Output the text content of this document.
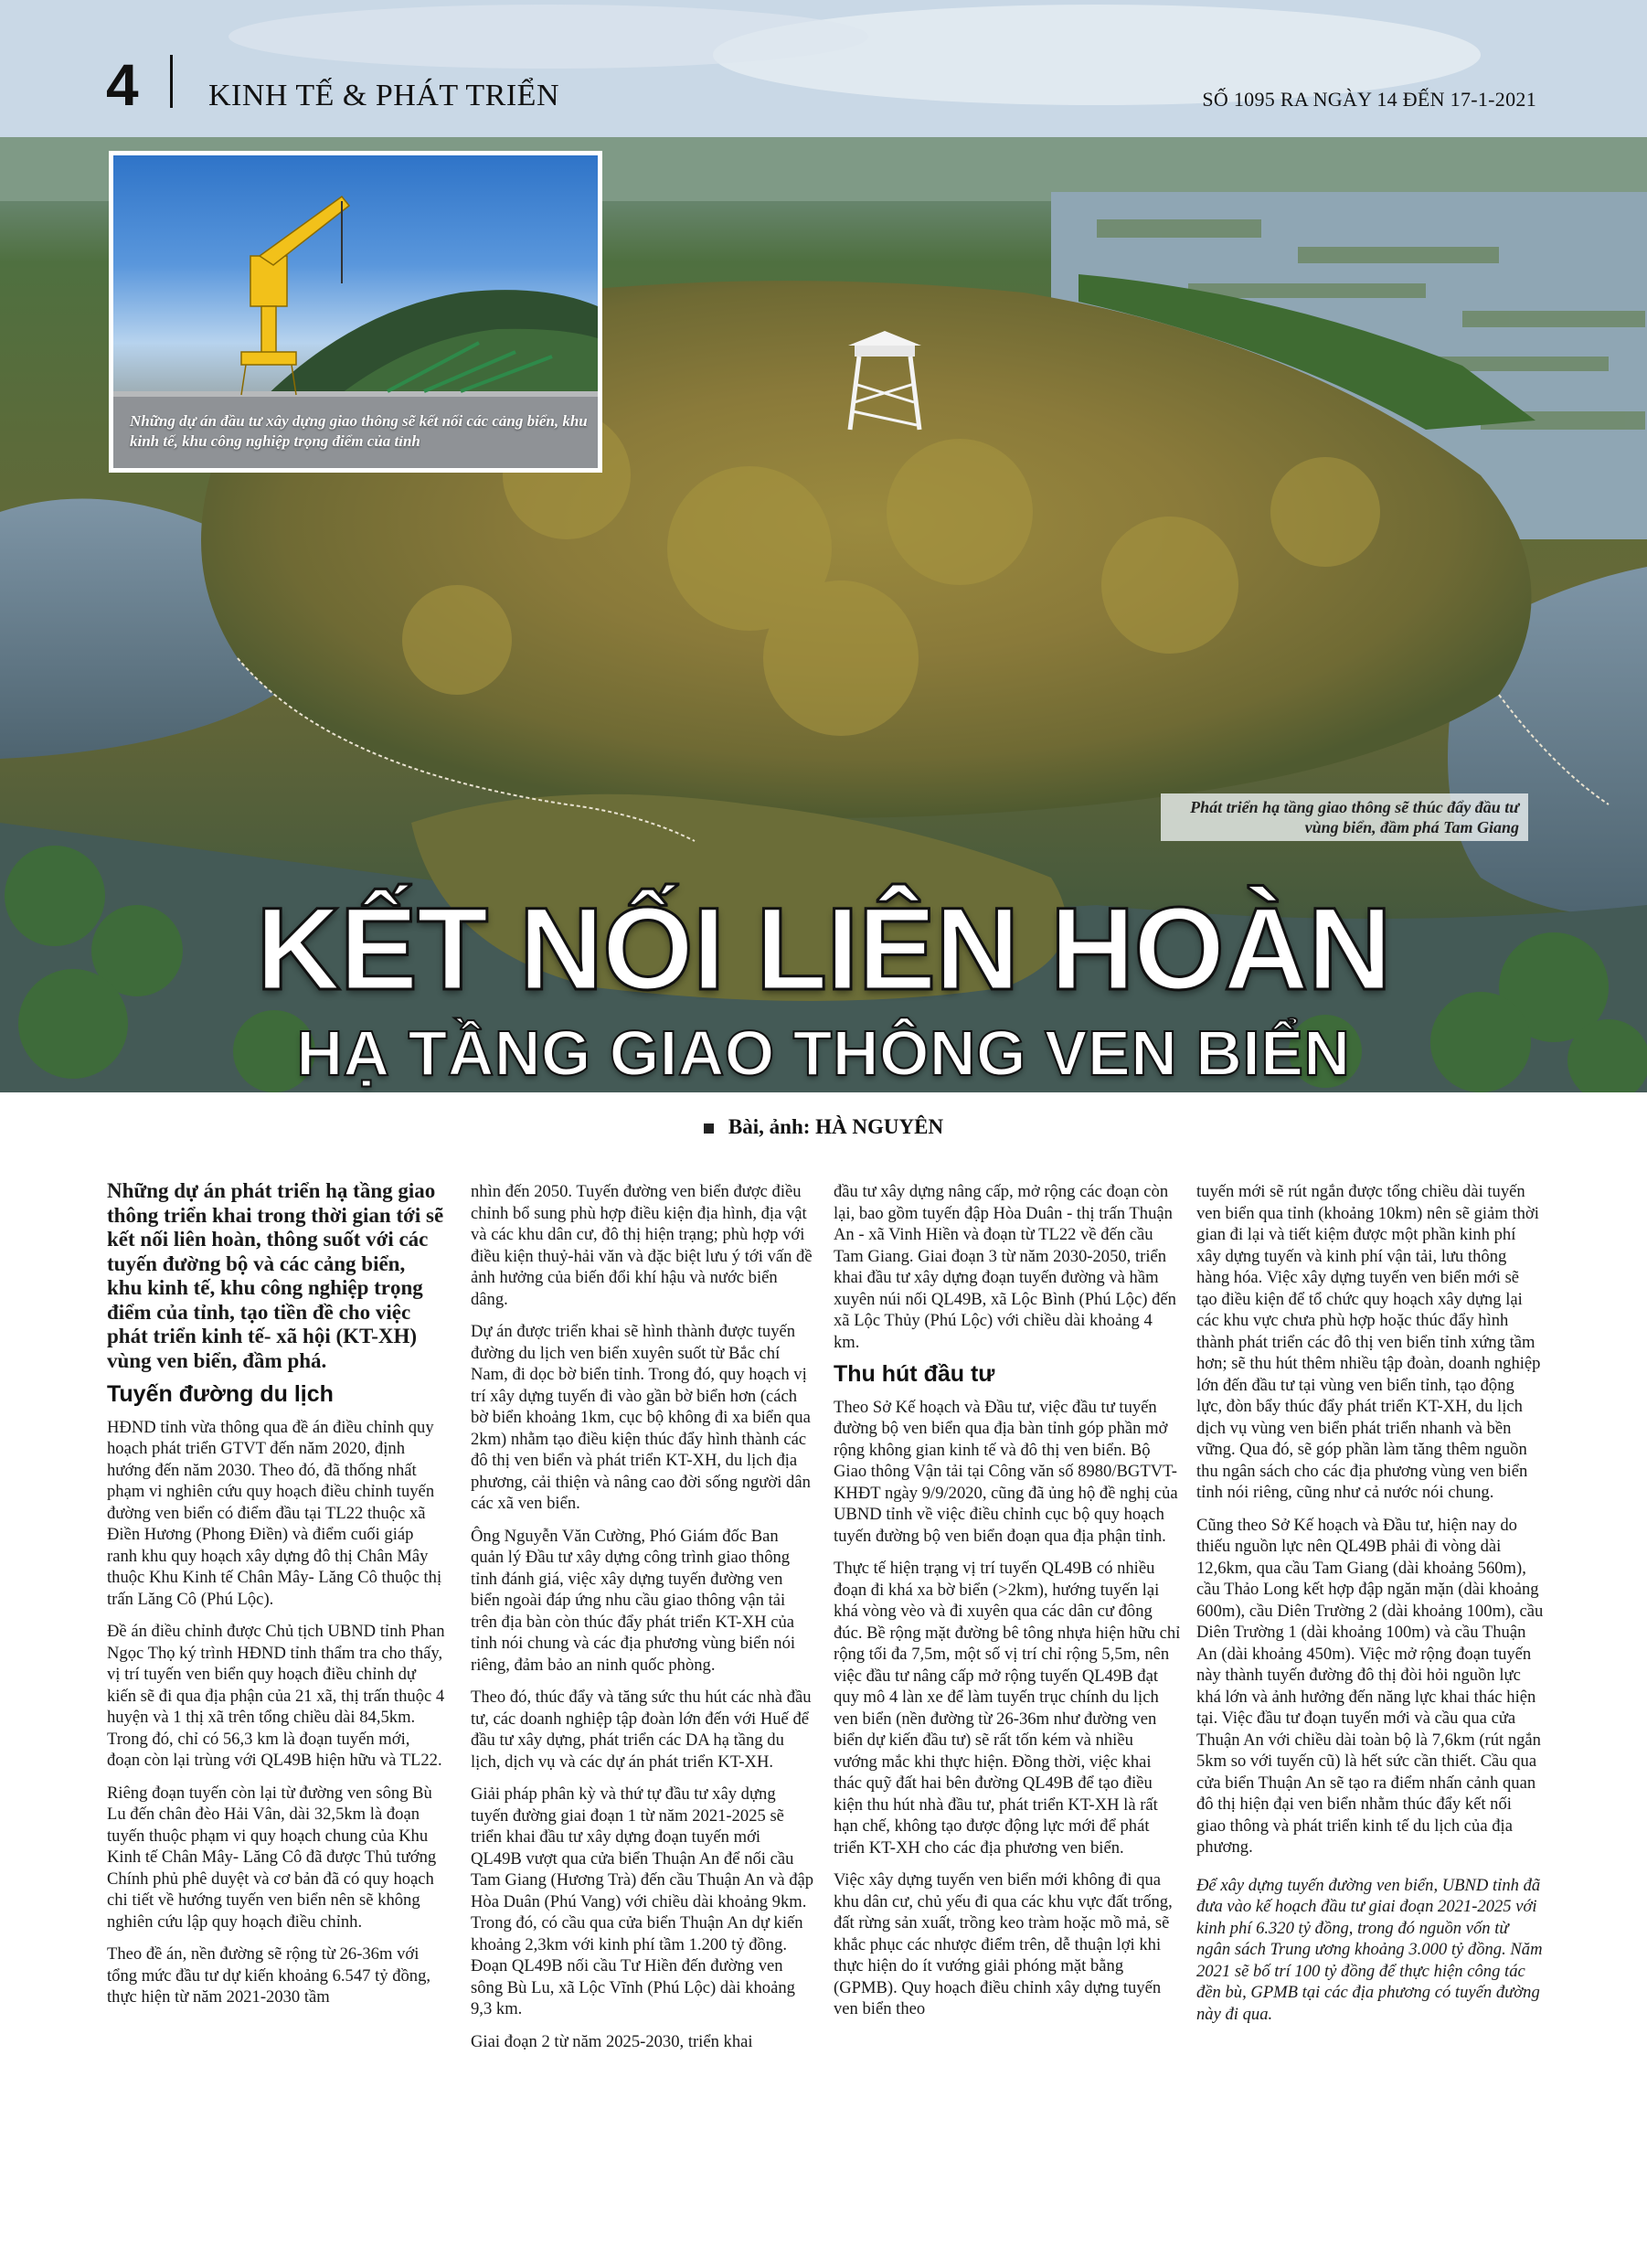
4 KINH TẾ & PHÁT TRIỂN	SỐ 1095 RA NGÀY 14 ĐẾN 17-1-2021
Những dự án đầu tư xây dựng giao thông sẽ kết nối các cảng biển, khu kinh tế, khu công nghiệp trọng điểm của tỉnh
Phát triển hạ tầng giao thông sẽ thúc đẩy đầu tư vùng biển, đầm phá Tam Giang
KẾT NỐI LIÊN HOÀN
HẠ TẦNG GIAO THÔNG VEN BIỂN
Bài, ảnh: HÀ NGUYÊN

Những dự án phát triển hạ tầng giao thông triển khai trong thời gian tới sẽ kết nối liên hoàn, thông suốt với các tuyến đường bộ và các cảng biển, khu kinh tế, khu công nghiệp trọng điểm của tỉnh, tạo tiền đề cho việc phát triển kinh tế- xã hội (KT-XH) vùng ven biển, đầm phá.

Tuyến đường du lịch

HĐND tỉnh vừa thông qua đề án điều chỉnh quy hoạch phát triển GTVT đến năm 2020, định hướng đến năm 2030. Theo đó, đã thống nhất phạm vi nghiên cứu quy hoạch điều chỉnh tuyến đường ven biển có điểm đầu tại TL22 thuộc xã Điền Hương (Phong Điền) và điểm cuối giáp ranh khu quy hoạch xây dựng đô thị Chân Mây thuộc Khu Kinh tế Chân Mây- Lăng Cô thuộc thị trấn Lăng Cô (Phú Lộc).

Đề án điều chỉnh được Chủ tịch UBND tỉnh Phan Ngọc Thọ ký trình HĐND tỉnh thẩm tra cho thấy, vị trí tuyến ven biển quy hoạch điều chỉnh dự kiến sẽ đi qua địa phận của 21 xã, thị trấn thuộc 4 huyện và 1 thị xã trên tổng chiều dài 84,5km. Trong đó, chỉ có 56,3 km là đoạn tuyến mới, đoạn còn lại trùng với QL49B hiện hữu và TL22.

Riêng đoạn tuyến còn lại từ đường ven sông Bù Lu đến chân đèo Hải Vân, dài 32,5km là đoạn tuyến thuộc phạm vi quy hoạch chung của Khu Kinh tế Chân Mây- Lăng Cô đã được Thủ tướng Chính phủ phê duyệt và cơ bản đã có quy hoạch chi tiết về hướng tuyến ven biển nên sẽ không nghiên cứu lập quy hoạch điều chỉnh.

Theo đề án, nền đường sẽ rộng từ 26-36m với tổng mức đầu tư dự kiến khoảng 6.547 tỷ đồng, thực hiện từ năm 2021-2030 tầm

nhìn đến 2050. Tuyến đường ven biển được điều chỉnh bổ sung phù hợp điều kiện địa hình, địa vật và các khu dân cư, đô thị hiện trạng; phù hợp với điều kiện thuỷ-hải văn và đặc biệt lưu ý tới vấn đề ảnh hưởng của biến đổi khí hậu và nước biển dâng.

Dự án được triển khai sẽ hình thành được tuyến đường du lịch ven biển xuyên suốt từ Bắc chí Nam, đi dọc bờ biển tỉnh. Trong đó, quy hoạch vị trí xây dựng tuyến đi vào gần bờ biển hơn (cách bờ biển khoảng 1km, cục bộ không đi xa biển qua 2km) nhằm tạo điều kiện thúc đẩy hình thành các đô thị ven biển và phát triển KT-XH, du lịch địa phương, cải thiện và nâng cao đời sống người dân các xã ven biển.

Ông Nguyễn Văn Cường, Phó Giám đốc Ban quản lý Đầu tư xây dựng công trình giao thông tỉnh đánh giá, việc xây dựng tuyến đường ven biển ngoài đáp ứng nhu cầu giao thông vận tải trên địa bàn còn thúc đẩy phát triển KT-XH của tỉnh nói chung và các địa phương vùng biển nói riêng, đảm bảo an ninh quốc phòng.

Theo đó, thúc đẩy và tăng sức thu hút các nhà đầu tư, các doanh nghiệp tập đoàn lớn đến với Huế để đầu tư xây dựng, phát triển các DA hạ tầng du lịch, dịch vụ và các dự án phát triển KT-XH.

Giải pháp phân kỳ và thứ tự đầu tư xây dựng tuyến đường giai đoạn 1 từ năm 2021-2025 sẽ triển khai đầu tư xây dựng đoạn tuyến mới QL49B vượt qua cửa biển Thuận An để nối cầu Tam Giang (Hương Trà) đến cầu Thuận An và đập Hòa Duân (Phú Vang) với chiều dài khoảng 9km. Trong đó, có cầu qua cửa biển Thuận An dự kiến khoảng 2,3km với kinh phí tầm 1.200 tỷ đồng. Đoạn QL49B nối cầu Tư Hiền đến đường ven sông Bù Lu, xã Lộc Vĩnh (Phú Lộc) dài khoảng 9,3 km.

Giai đoạn 2 từ năm 2025-2030, triển khai

đầu tư xây dựng nâng cấp, mở rộng các đoạn còn lại, bao gồm tuyến đập Hòa Duân - thị trấn Thuận An - xã Vinh Hiền và đoạn từ TL22 về đến cầu Tam Giang. Giai đoạn 3 từ năm 2030-2050, triển khai đầu tư xây dựng đoạn tuyến đường và hầm xuyên núi nối QL49B, xã Lộc Bình (Phú Lộc) đến xã Lộc Thủy (Phú Lộc) với chiều dài khoảng 4 km.

Thu hút đầu tư

Theo Sở Kế hoạch và Đầu tư, việc đầu tư tuyến đường bộ ven biển qua địa bàn tỉnh góp phần mở rộng không gian kinh tế và đô thị ven biển. Bộ Giao thông Vận tải tại Công văn số 8980/BGTVT-KHĐT ngày 9/9/2020, cũng đã ủng hộ đề nghị của UBND tỉnh về việc điều chỉnh cục bộ quy hoạch tuyến đường bộ ven biển đoạn qua địa phận tỉnh.

Thực tế hiện trạng vị trí tuyến QL49B có nhiều đoạn đi khá xa bờ biển (>2km), hướng tuyến lại khá vòng vèo và đi xuyên qua các dân cư đông đúc. Bề rộng mặt đường bê tông nhựa hiện hữu chỉ rộng tối đa 7,5m, một số vị trí chỉ rộng 5,5m, nên việc đầu tư nâng cấp mở rộng tuyến QL49B đạt quy mô 4 làn xe để làm tuyến trục chính du lịch ven biển (nền đường từ 26-36m như đường ven biển dự kiến đầu tư) sẽ rất tốn kém và nhiều vướng mắc khi thực hiện. Đồng thời, việc khai thác quỹ đất hai bên đường QL49B để tạo điều kiện thu hút nhà đầu tư, phát triển KT-XH là rất hạn chế, không tạo được động lực mới để phát triển KT-XH cho các địa phương ven biển.

Việc xây dựng tuyến ven biển mới không đi qua khu dân cư, chủ yếu đi qua các khu vực đất trống, đất rừng sản xuất, trồng keo tràm hoặc mồ mả, sẽ khắc phục các nhược điểm trên, dễ thuận lợi khi thực hiện do ít vướng giải phóng mặt bằng (GPMB). Quy hoạch điều chỉnh xây dựng tuyến ven biển theo

tuyến mới sẽ rút ngắn được tổng chiều dài tuyến ven biển qua tỉnh (khoảng 10km) nên sẽ giảm thời gian đi lại và tiết kiệm được một phần kinh phí xây dựng tuyến và kinh phí vận tải, lưu thông hàng hóa. Việc xây dựng tuyến ven biển mới sẽ tạo điều kiện để tổ chức quy hoạch xây dựng lại các khu vực chưa phù hợp hoặc thúc đẩy hình thành phát triển các đô thị ven biển tỉnh xứng tầm hơn; sẽ thu hút thêm nhiều tập đoàn, doanh nghiệp lớn đến đầu tư tại vùng ven biển tỉnh, tạo động lực, đòn bẩy thúc đẩy phát triển KT-XH, du lịch dịch vụ vùng ven biển phát triển nhanh và bền vững. Qua đó, sẽ góp phần làm tăng thêm nguồn thu ngân sách cho các địa phương vùng ven biển tỉnh nói riêng, cũng như cả nước nói chung.

Cũng theo Sở Kế hoạch và Đầu tư, hiện nay do thiếu nguồn lực nên QL49B phải đi vòng dài 12,6km, qua cầu Tam Giang (dài khoảng 560m), cầu Thảo Long kết hợp đập ngăn mặn (dài khoảng 600m), cầu Diên Trường 2 (dài khoảng 100m), cầu Diên Trường 1 (dài khoảng 100m) và cầu Thuận An (dài khoảng 450m). Việc mở rộng đoạn tuyến này thành tuyến đường đô thị đòi hỏi nguồn lực khá lớn và ảnh hưởng đến năng lực khai thác hiện tại. Việc đầu tư đoạn tuyến mới và cầu qua cửa Thuận An với chiều dài toàn bộ là 7,6km (rút ngắn 5km so với tuyến cũ) là hết sức cần thiết. Cầu qua cửa biển Thuận An sẽ tạo ra điểm nhấn cảnh quan đô thị hiện đại ven biển nhằm thúc đẩy kết nối giao thông và phát triển kinh tế du lịch của địa phương.

Để xây dựng tuyến đường ven biển, UBND tỉnh đã đưa vào kế hoạch đầu tư giai đoạn 2021-2025 với kinh phí 6.320 tỷ đồng, trong đó nguồn vốn từ ngân sách Trung ương khoảng 3.000 tỷ đồng. Năm 2021 sẽ bố trí 100 tỷ đồng để thực hiện công tác đền bù, GPMB tại các địa phương có tuyến đường này đi qua.
